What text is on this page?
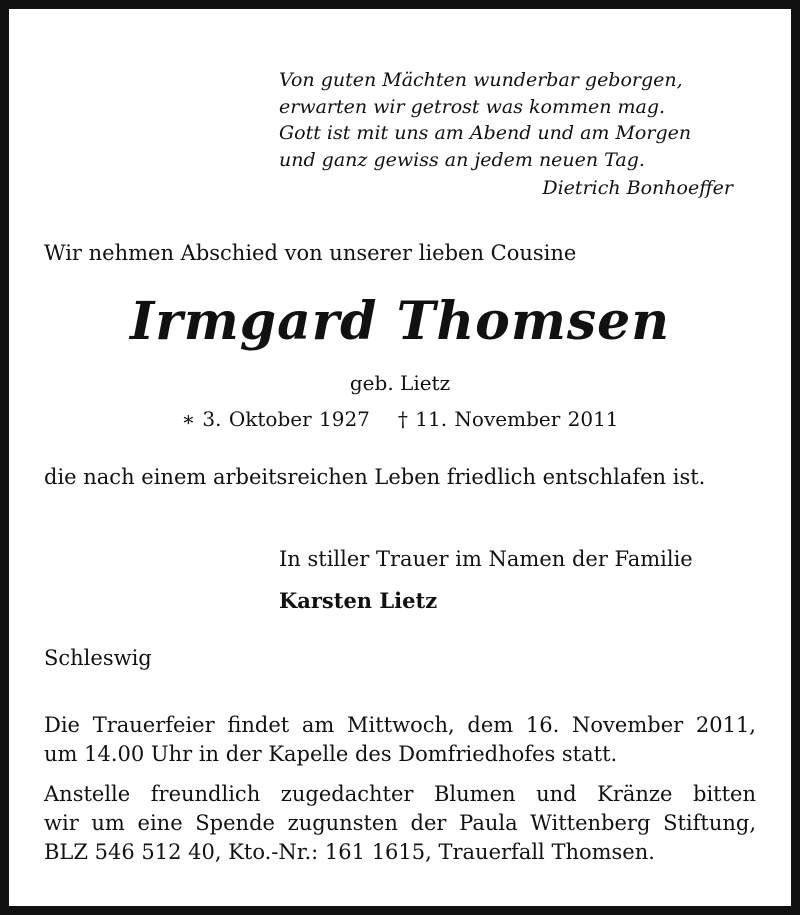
Von guten Mächten wunderbar geborgen,
erwarten wir getrost was kommen mag.
Gott ist mit uns am Abend und am Morgen
und ganz gewiss an jedem neuen Tag.
Dietrich Bonhoeffer
Wir nehmen Abschied von unserer lieben Cousine
Irmgard Thomsen
geb. Lietz
∗ 3. Oktober 1927 † 11. November 2011
die nach einem arbeitsreichen Leben friedlich entschlafen ist.
In stiller Trauer im Namen der Familie
Karsten Lietz
Schleswig
Die Trauerfeier findet am Mittwoch, dem 16. November 2011,
um 14.00 Uhr in der Kapelle des Domfriedhofes statt.
Anstelle freundlich zugedachter Blumen und Kränze bitten
wir um eine Spende zugunsten der Paula Wittenberg Stiftung,
BLZ 546 512 40, Kto.-Nr.: 161 1615, Trauerfall Thomsen.
